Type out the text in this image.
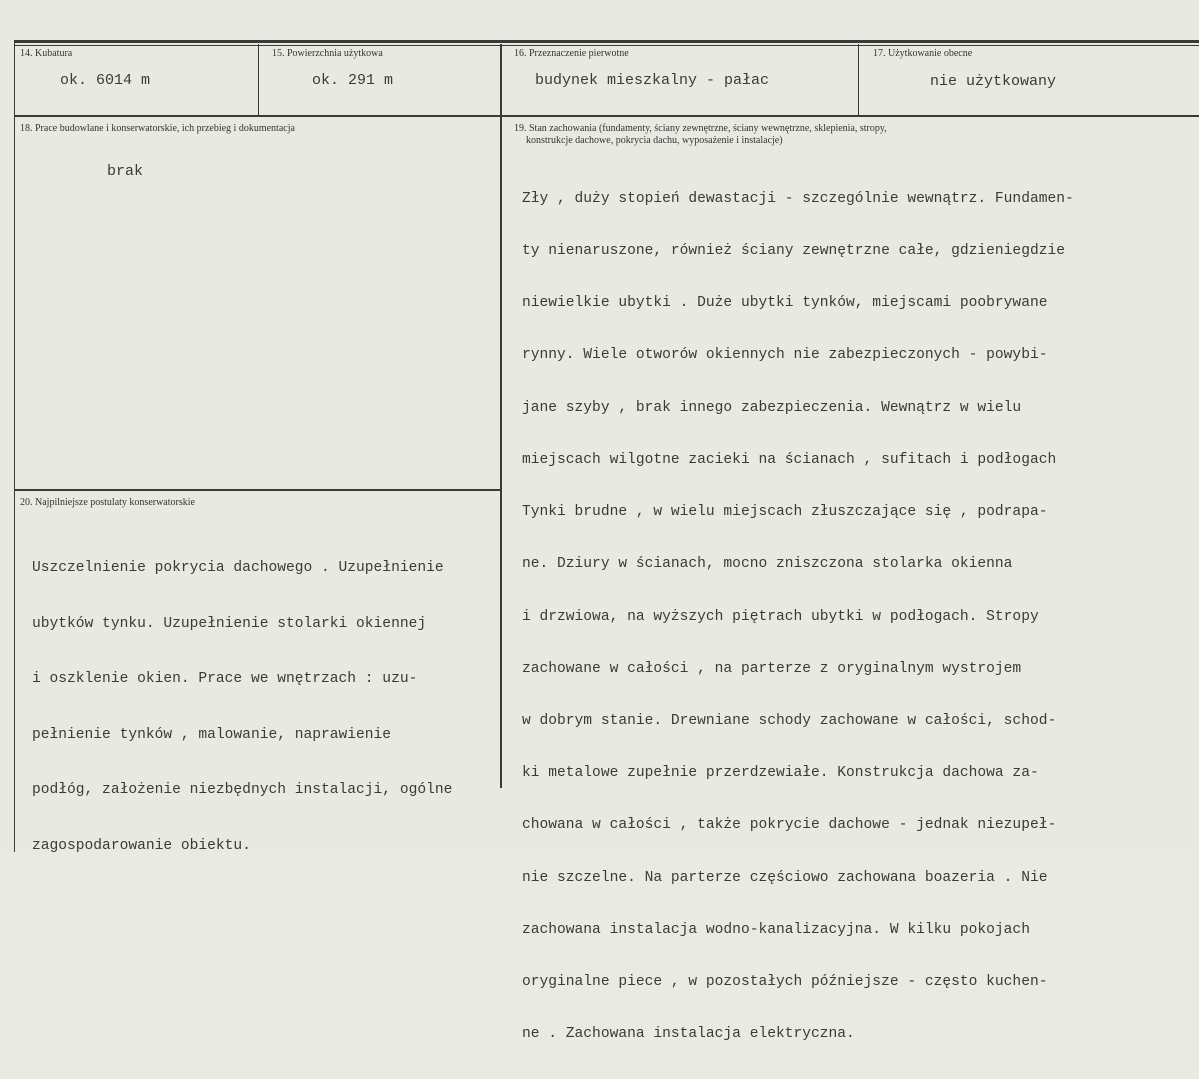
14. Kubatura
ok. 6014 m
15. Powierzchnia użytkowa
ok. 291 m
16. Przeznaczenie pierwotne
budynek mieszkalny - pałac
17. Użytkowanie obecne
nie użytkowany
18. Prace budowlane i konserwatorskie, ich przebieg i dokumentacja
brak
19. Stan zachowania (fundamenty, ściany zewnętrzne, ściany wewnętrzne, sklepienia, stropy,
konstrukcje dachowe, pokrycia dachu, wyposażenie i instalacje)

Zły , duży stopień dewastacji - szczególnie wewnątrz. Fundamen-

ty nienaruszone, również ściany zewnętrzne całe, gdzieniegdzie

niewielkie ubytki . Duże ubytki tynków, miejscami poobrywane

rynny. Wiele otworów okiennych nie zabezpieczonych - powybi-

jane szyby , brak innego zabezpieczenia. Wewnątrz w wielu

miejscach wilgotne zacieki na ścianach , sufitach i podłogach

Tynki brudne , w wielu miejscach złuszczające się , podrapa-

ne. Dziury w ścianach, mocno zniszczona stolarka okienna

i drzwiowa, na wyższych piętrach ubytki w podłogach. Stropy

zachowane w całości , na parterze z oryginalnym wystrojem

w dobrym stanie. Drewniane schody zachowane w całości, schod-

ki metalowe zupełnie przerdzewiałe. Konstrukcja dachowa za-

chowana w całości , także pokrycie dachowe - jednak niezupeł-

nie szczelne. Na parterze częściowo zachowana boazeria . Nie

zachowana instalacja wodno-kanalizacyjna. W kilku pokojach

oryginalne piece , w pozostałych późniejsze - często kuchen-

ne . Zachowana instalacja elektryczna.

20. Najpilniejsze postulaty konserwatorskie

Uszczelnienie pokrycia dachowego . Uzupełnienie

ubytków tynku. Uzupełnienie stolarki okiennej

i oszklenie okien. Prace we wnętrzach : uzu-

pełnienie tynków , malowanie, naprawienie

podłóg, założenie niezbędnych instalacji, ogólne

zagospodarowanie obiektu.
